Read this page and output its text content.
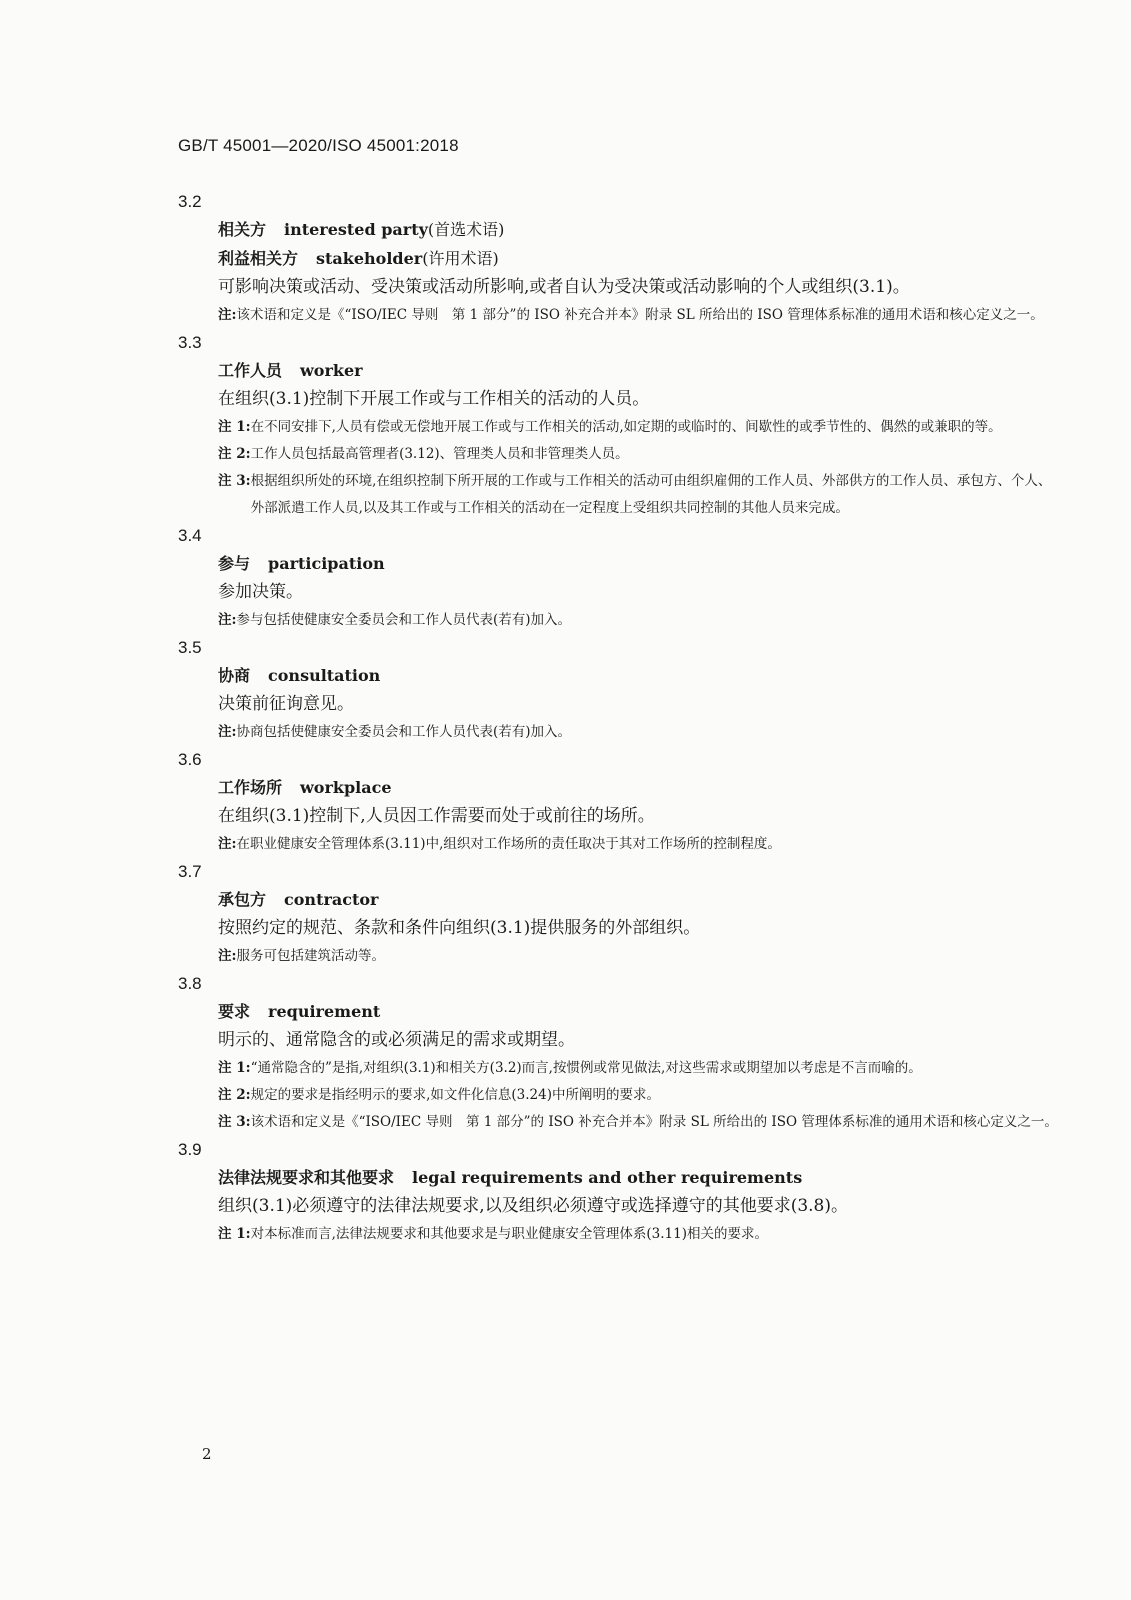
GB/T 45001—2020/ISO 45001:2018
3.2
相关方 interested party(首选术语)
利益相关方 stakeholder(许用术语)
可影响决策或活动、受决策或活动所影响,或者自认为受决策或活动影响的个人或组织(3.1)。
注: 该术语和定义是《“ISO/IEC 导则　第 1 部分”的 ISO 补充合并本》附录 SL 所给出的 ISO 管理体系标准的通用术语和核心定义之一。
3.3
工作人员 worker
在组织(3.1)控制下开展工作或与工作相关的活动的人员。
注 1: 在不同安排下,人员有偿或无偿地开展工作或与工作相关的活动,如定期的或临时的、间歇性的或季节性的、偶然的或兼职的等。
注 2: 工作人员包括最高管理者(3.12)、管理类人员和非管理类人员。
注 3: 根据组织所处的环境,在组织控制下所开展的工作或与工作相关的活动可由组织雇佣的工作人员、外部供方的工作人员、承包方、个人、外部派遣工作人员,以及其工作或与工作相关的活动在一定程度上受组织共同控制的其他人员来完成。
3.4
参与 participation
参加决策。
注: 参与包括使健康安全委员会和工作人员代表(若有)加入。
3.5
协商 consultation
决策前征询意见。
注: 协商包括使健康安全委员会和工作人员代表(若有)加入。
3.6
工作场所 workplace
在组织(3.1)控制下,人员因工作需要而处于或前往的场所。
注: 在职业健康安全管理体系(3.11)中,组织对工作场所的责任取决于其对工作场所的控制程度。
3.7
承包方 contractor
按照约定的规范、条款和条件向组织(3.1)提供服务的外部组织。
注: 服务可包括建筑活动等。
3.8
要求 requirement
明示的、通常隐含的或必须满足的需求或期望。
注 1: “通常隐含的”是指,对组织(3.1)和相关方(3.2)而言,按惯例或常见做法,对这些需求或期望加以考虑是不言而喻的。
注 2: 规定的要求是指经明示的要求,如文件化信息(3.24)中所阐明的要求。
注 3: 该术语和定义是《“ISO/IEC 导则　第 1 部分”的 ISO 补充合并本》附录 SL 所给出的 ISO 管理体系标准的通用术语和核心定义之一。
3.9
法律法规要求和其他要求 legal requirements and other requirements
组织(3.1)必须遵守的法律法规要求,以及组织必须遵守或选择遵守的其他要求(3.8)。
注 1: 对本标准而言,法律法规要求和其他要求是与职业健康安全管理体系(3.11)相关的要求。
2
